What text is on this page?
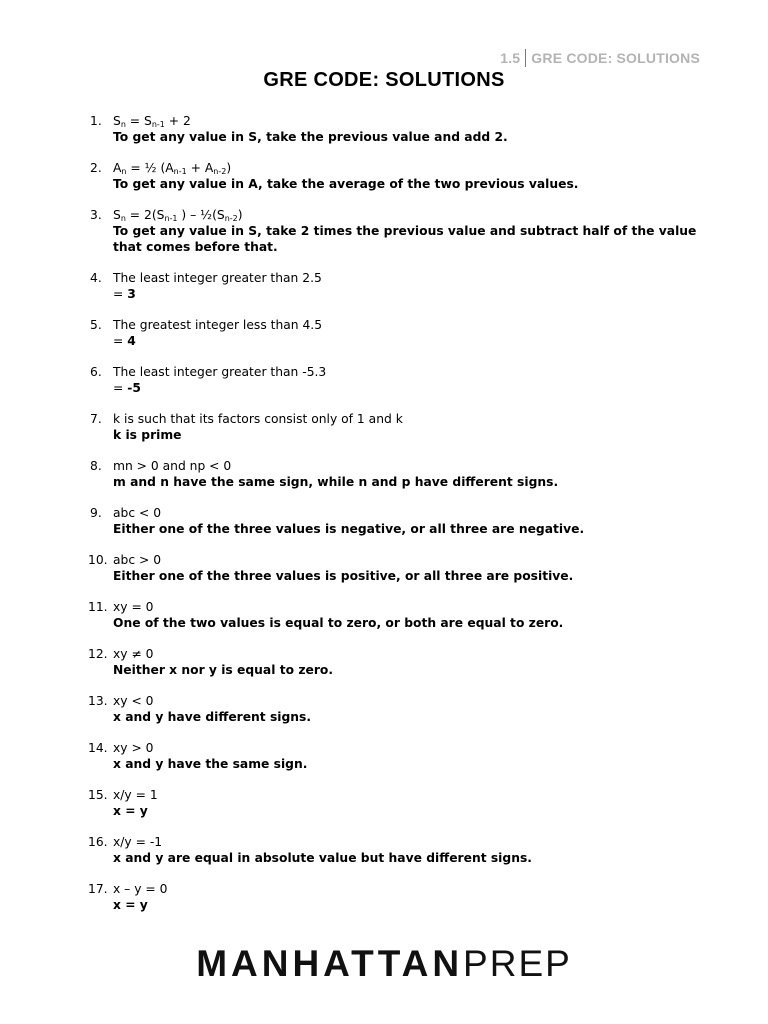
1.5 GRE CODE: SOLUTIONS
GRE CODE: SOLUTIONS
1. $S_n = S_{n-1} + 2$
To get any value in S, take the previous value and add 2.
2. $A_n$ = ½ $(A_{n-1} + A_{n-2})$
To get any value in A, take the average of the two previous values.
3. $S_n = 2(S_{n-1}$ ) – $\frac{1}{2}(S_{n-2})$
To get any value in S, take 2 times the previous value and subtract half of the value that comes before that.
4. The least integer greater than 2.5
= 3
5. The greatest integer less than 4.5
= 4
6. The least integer greater than -5.3
= -5
7. k is such that its factors consist only of 1 and k
k is prime
8. mn > 0 and np < 0
m and n have the same sign, while n and p have different signs.
9. abc < 0
Either one of the three values is negative, or all three are negative.
10. abc > 0
Either one of the three values is positive, or all three are positive.
11. xy = 0
One of the two values is equal to zero, or both are equal to zero.
12. xy ≠ 0
Neither x nor y is equal to zero.
13. xy < 0
x and y have different signs.
14. xy > 0
x and y have the same sign.
15. x/y = 1
x = y
16. x/y = -1
x and y are equal in absolute value but have different signs.
17. x – y = 0
x = y
MANHATTANPREP
